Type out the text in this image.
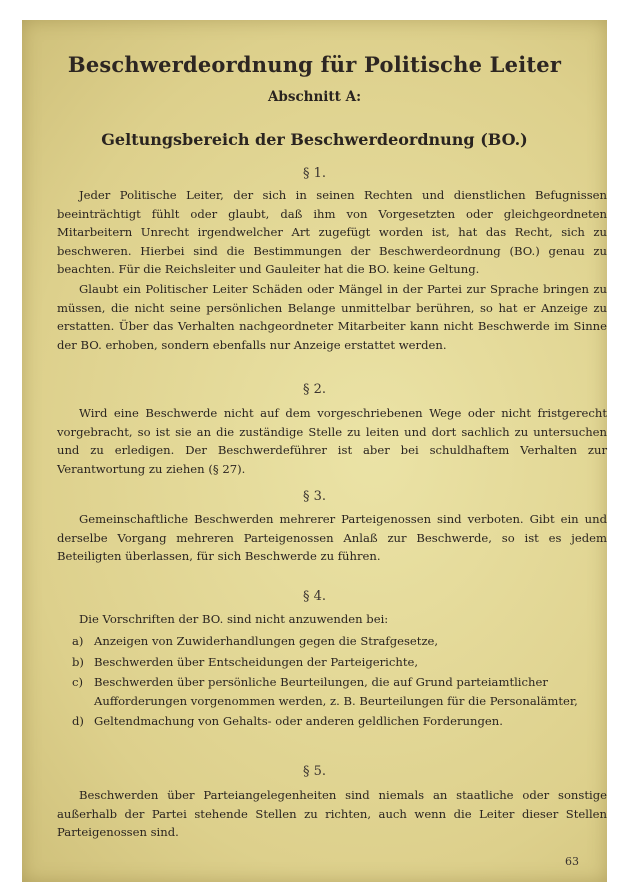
Beschwerdeordnung für Politische Leiter
Abschnitt A:
Geltungsbereich der Beschwerdeordnung (BO.)
§ 1.

Jeder Politische Leiter, der sich in seinen Rechten und dienstlichen Befugnissen beeinträchtigt fühlt oder glaubt, daß ihm von Vorgesetzten oder gleichgeordneten Mitarbeitern Unrecht irgendwelcher Art zugefügt worden ist, hat das Recht, sich zu beschweren. Hierbei sind die Bestimmungen der Beschwerdeordnung (BO.) genau zu beachten. Für die Reichsleiter und Gauleiter hat die BO. keine Geltung.

Glaubt ein Politischer Leiter Schäden oder Mängel in der Partei zur Sprache bringen zu müssen, die nicht seine persönlichen Belange unmittelbar berühren, so hat er Anzeige zu erstatten. Über das Verhalten nachgeordneter Mitarbeiter kann nicht Beschwerde im Sinne der BO. erhoben, sondern ebenfalls nur Anzeige erstattet werden.

§ 2.

Wird eine Beschwerde nicht auf dem vorgeschriebenen Wege oder nicht fristgerecht vorgebracht, so ist sie an die zuständige Stelle zu leiten und dort sachlich zu untersuchen und zu erledigen. Der Beschwerdeführer ist aber bei schuldhaftem Verhalten zur Verantwortung zu ziehen (§ 27).

§ 3.

Gemeinschaftliche Beschwerden mehrerer Parteigenossen sind verboten. Gibt ein und derselbe Vorgang mehreren Parteigenossen Anlaß zur Beschwerde, so ist es jedem Beteiligten überlassen, für sich Beschwerde zu führen.

§ 4.

Die Vorschriften der BO. sind nicht anzuwenden bei:

a) Anzeigen von Zuwiderhandlungen gegen die Strafgesetze,
b) Beschwerden über Entscheidungen der Parteigerichte,
c) Beschwerden über persönliche Beurteilungen, die auf Grund parteiamtlicher Aufforderungen vorgenommen werden, z. B. Beurteilungen für die Personalämter,
d) Geltendmachung von Gehalts- oder anderen geldlichen Forderungen.
§ 5.

Beschwerden über Parteiangelegenheiten sind niemals an staatliche oder sonstige außerhalb der Partei stehende Stellen zu richten, auch wenn die Leiter dieser Stellen Parteigenossen sind.

63
